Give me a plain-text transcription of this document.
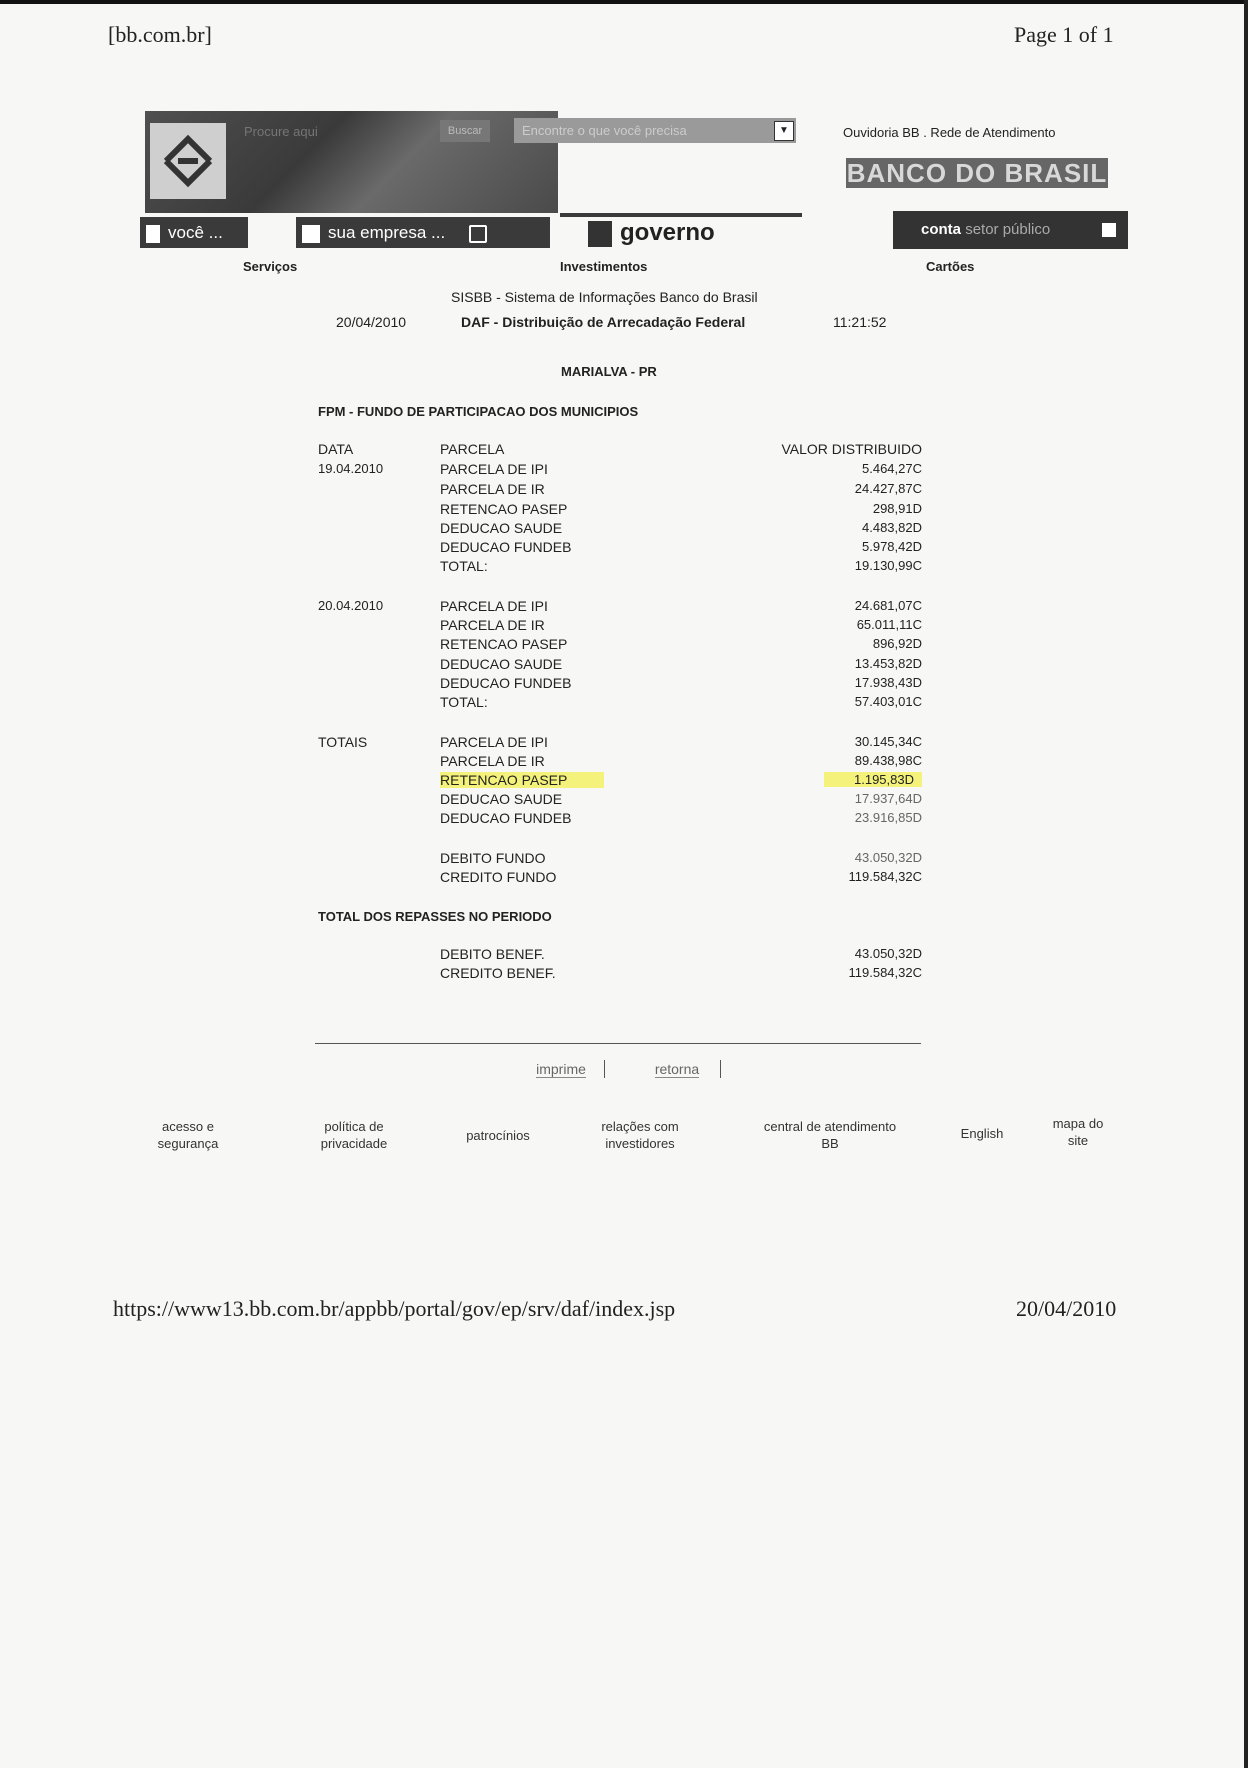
[bb.com.br]	Page 1 of 1
Procure aqui
Buscar	Encontre o que você precisa	▼
você ...	sua empresa ...	governo
Ouvidoria BB . Rede de Atendimento
BANCO DO BRASIL
conta setor público
Serviços	Investimentos	Cartões
SISBB - Sistema de Informações Banco do Brasil
20/04/2010	DAF - Distribuição de Arrecadação Federal	11:21:52
MARIALVA - PR
FPM - FUNDO DE PARTICIPACAO DOS MUNICIPIOS
DATA	PARCELA	VALOR DISTRIBUIDO
19.04.2010	PARCELA DE IPI	5.464,27C
PARCELA DE IR	24.427,87C
RETENCAO PASEP	298,91D
DEDUCAO SAUDE	4.483,82D
DEDUCAO FUNDEB	5.978,42D
TOTAL:	19.130,99C
20.04.2010	PARCELA DE IPI	24.681,07C
PARCELA DE IR	65.011,11C
RETENCAO PASEP	896,92D
DEDUCAO SAUDE	13.453,82D
DEDUCAO FUNDEB	17.938,43D
TOTAL:	57.403,01C
TOTAIS	PARCELA DE IPI	30.145,34C
PARCELA DE IR	89.438,98C
RETENCAO PASEP	1.195,83D
DEDUCAO SAUDE	17.937,64D
DEDUCAO FUNDEB	23.916,85D
DEBITO FUNDO	43.050,32D
CREDITO FUNDO	119.584,32C
TOTAL DOS REPASSES NO PERIODO
DEBITO BENEF.	43.050,32D
CREDITO BENEF.	119.584,32C
imprime	retorna
acesso e
segurança
política de
privacidade
patrocínios
relações com
investidores
central de atendimento
BB
English
mapa do
site
https://www13.bb.com.br/appbb/portal/gov/ep/srv/daf/index.jsp	20/04/2010
